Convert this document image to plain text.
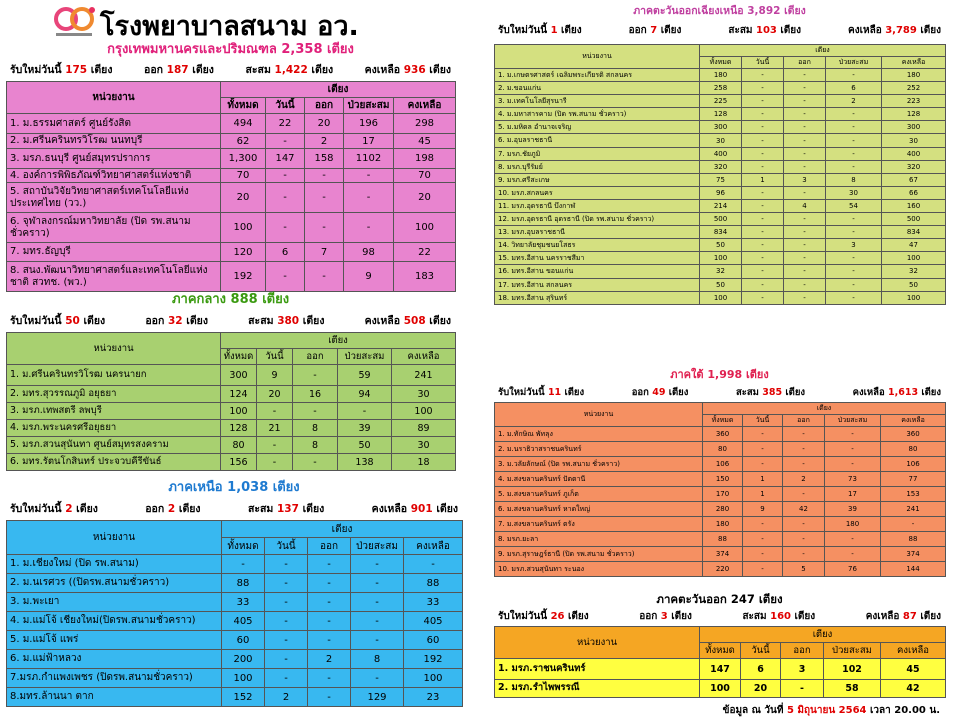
โรงพยาบาลสนาม อว.
กรุงเทพมหานครและปริมณฑล 2,358 เตียง
รับใหม่วันนี้ 175 เตียง	ออก 187 เตียง	สะสม 1,422 เตียง	คงเหลือ 936 เตียง
หน่วยงาน	เตียง				
	ทั้งหมด	วันนี้	ออก	ป่วยสะสม	คงเหลือ
1. ม.ธรรมศาสตร์ ศูนย์รังสิต	494	22	20	196	298
2. ม.ศรีนครินทรวิโรฒ นนทบุรี	62	-	2	17	45
3. มรภ.ธนบุรี ศูนย์สมุทรปราการ	1,300	147	158	1102	198
4. องค์การพิพิธภัณฑ์วิทยาศาสตร์แห่งชาติ	70	-	-	-	70
5. สถาบันวิจัยวิทยาศาสตร์เทคโนโลยีแห่งประเทศไทย (วว.)	20	-	-	-	20
6. จุฬาลงกรณ์มหาวิทยาลัย (ปิด รพ.สนามชั่วคราว)	100	-	-	-	100
7. มทร.ธัญบุรี	120	6	7	98	22
8. สนง.พัฒนาวิทยาศาสตร์และเทคโนโลยีแห่งชาติ สวทช. (พว.)	192	-	-	9	183
ภาคกลาง 888 เตียง
รับใหม่วันนี้ 50 เตียง	ออก 32 เตียง	สะสม 380 เตียง	คงเหลือ 508 เตียง
หน่วยงาน	เตียง				
	ทั้งหมด	วันนี้	ออก	ป่วยสะสม	คงเหลือ
1. ม.ศรีนครินทรวิโรฒ นครนายก	300	9	-	59	241
2. มทร.สุวรรณภูมิ อยุธยา	124	20	16	94	30
3. มรภ.เทพสตรี ลพบุรี	100	-	-	-	100
4. มรภ.พระนครศรีอยุธยา	128	21	8	39	89
5. มรภ.สวนสุนันทา ศูนย์สมุทรสงคราม	80	-	8	50	30
6. มทร.รัตนโกสินทร์ ประจวบคีรีขันธ์	156	-	-	138	18
ภาคเหนือ 1,038 เตียง
รับใหม่วันนี้ 2 เตียง	ออก 2 เตียง	สะสม 137 เตียง	คงเหลือ 901 เตียง
หน่วยงาน	เตียง				
	ทั้งหมด	วันนี้	ออก	ป่วยสะสม	คงเหลือ
1. ม.เชียงใหม่ (ปิด รพ.สนาม)	-	-	-	-	-
2. ม.นเรศวร ((ปิดรพ.สนามชั่วคราว)	88	-	-	-	88
3. ม.พะเยา	33	-	-	-	33
4. ม.แม่โจ้ เชียงใหม่(ปิดรพ.สนามชั่วคราว)	405	-	-	-	405
5. ม.แม่โจ้ แพร่	60	-	-	-	60
6. ม.แม่ฟ้าหลวง	200	-	2	8	192
7.มรภ.กำแพงเพชร (ปิดรพ.สนามชั่วคราว)	100	-	-	-	100
8.มทร.ล้านนา ตาก	152	2	-	129	23
ภาคตะวันออกเฉียงเหนือ 3,892 เตียง
รับใหม่วันนี้ 1 เตียง	ออก 7 เตียง	สะสม 103 เตียง	คงเหลือ 3,789 เตียง
หน่วยงาน	เตียง				
	ทั้งหมด	วันนี้	ออก	ป่วยสะสม	คงเหลือ
1. ม.เกษตรศาสตร์ เฉลิมพระเกียรติ สกลนคร	180	-	-	-	180
2. ม.ขอนแก่น	258	-	-	6	252
3. ม.เทคโนโลยีสุรนารี	225	-	-	2	223
4. ม.มหาสารคาม (ปิด รพ.สนาม ชั่วคราว)	128	-	-	-	128
5. ม.มหิดล อำนาจเจริญ	300	-	-	-	300
6. ม.อุบลราชธานี	30	-	-	-	30
7. มรภ.ชัยภูมิ	400	-	-	-	400
8. มรภ.บุรีรัมย์	320	-	-	-	320
9. มรภ.ศรีสะเกษ	75	1	3	8	67
10. มรภ.สกลนคร	96	-	-	30	66
11. มรภ.อุดรธานี บึงกาฬ	214	-	4	54	160
12. มรภ.อุดรธานี อุดรธานี (ปิด รพ.สนาม ชั่วคราว)	500	-	-	-	500
13. มรภ.อุบลราชธานี	834	-	-	-	834
14. วิทยาลัยชุมชนยโสธร	50	-	-	3	47
15. มทร.อีสาน นครราชสีมา	100	-	-	-	100
16. มทร.อีสาน ขอนแก่น	32	-	-	-	32
17. มทร.อีสาน สกลนคร	50	-	-	-	50
18. มทร.อีสาน สุรินทร์	100	-	-	-	100
ภาคใต้ 1,998 เตียง
รับใหม่วันนี้ 11 เตียง	ออก 49 เตียง	สะสม 385 เตียง	คงเหลือ 1,613 เตียง
หน่วยงาน	เตียง				
	ทั้งหมด	วันนี้	ออก	ป่วยสะสม	คงเหลือ
1. ม.ทักษิณ พัทลุง	360	-	-	-	360
2. ม.นราธิวาสราชนครินทร์	80	-	-	-	80
3. ม.วลัยลักษณ์ (ปิด รพ.สนาม ชั่วคราว)	106	-	-	-	106
4. ม.สงขลานครินทร์ ปัตตานี	150	1	2	73	77
5. ม.สงขลานครินทร์ ภูเก็ต	170	1	-	17	153
6. ม.สงขลานครินทร์ หาดใหญ่	280	9	42	39	241
7. ม.สงขลานครินทร์ ตรัง	180	-	-	180	-
8. มรภ.ยะลา	88	-	-	-	88
9. มรภ.สุราษฎร์ธานี (ปิด รพ.สนาม ชั่วคราว)	374	-	-	-	374
10. มรภ.สวนสุนันทา ระนอง	220	-	5	76	144
ภาคตะวันออก 247 เตียง
รับใหม่วันนี้ 26 เตียง	ออก 3 เตียง	สะสม 160 เตียง	คงเหลือ 87 เตียง
หน่วยงาน	เตียง				
	ทั้งหมด	วันนี้	ออก	ป่วยสะสม	คงเหลือ
1. มรภ.ราชนครินทร์	147	6	3	102	45
2. มรภ.รำไพพรรณี	100	20	-	58	42
ข้อมูล ณ วันที่ 5 มิถุนายน 2564 เวลา 20.00 น.
